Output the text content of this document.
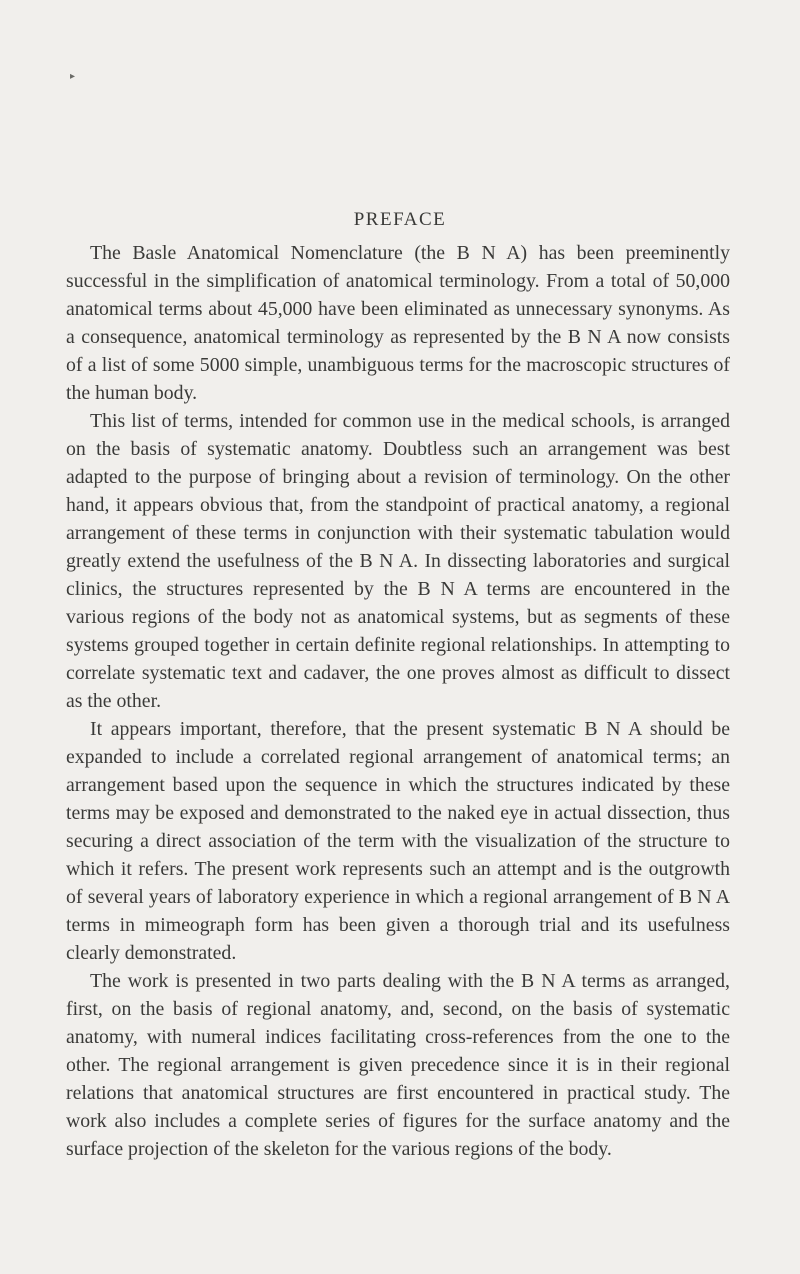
▸
PREFACE

The Basle Anatomical Nomenclature (the B N A) has been preeminently successful in the simplification of anatomical terminology. From a total of 50,000 anatomical terms about 45,000 have been eliminated as unnecessary synonyms. As a consequence, anatomical terminology as represented by the B N A now consists of a list of some 5000 simple, unambiguous terms for the macroscopic structures of the human body.

This list of terms, intended for common use in the medical schools, is arranged on the basis of systematic anatomy. Doubtless such an arrangement was best adapted to the purpose of bringing about a revision of terminology. On the other hand, it appears obvious that, from the standpoint of practical anatomy, a regional arrangement of these terms in conjunction with their systematic tabulation would greatly extend the usefulness of the B N A. In dissecting laboratories and surgical clinics, the structures represented by the B N A terms are encountered in the various regions of the body not as anatomical systems, but as segments of these systems grouped together in certain definite regional relationships. In attempting to correlate systematic text and cadaver, the one proves almost as difficult to dissect as the other.

It appears important, therefore, that the present systematic B N A should be expanded to include a correlated regional arrangement of anatomical terms; an arrangement based upon the sequence in which the structures indicated by these terms may be exposed and demonstrated to the naked eye in actual dissection, thus securing a direct association of the term with the visualization of the structure to which it refers. The present work represents such an attempt and is the outgrowth of several years of laboratory experience in which a regional arrangement of B N A terms in mimeograph form has been given a thorough trial and its usefulness clearly demonstrated.

The work is presented in two parts dealing with the B N A terms as arranged, first, on the basis of regional anatomy, and, second, on the basis of systematic anatomy, with numeral indices facilitating cross-references from the one to the other. The regional arrangement is given precedence since it is in their regional relations that anatomical structures are first encountered in practical study. The work also includes a complete series of figures for the surface anatomy and the surface projection of the skeleton for the various regions of the body.
